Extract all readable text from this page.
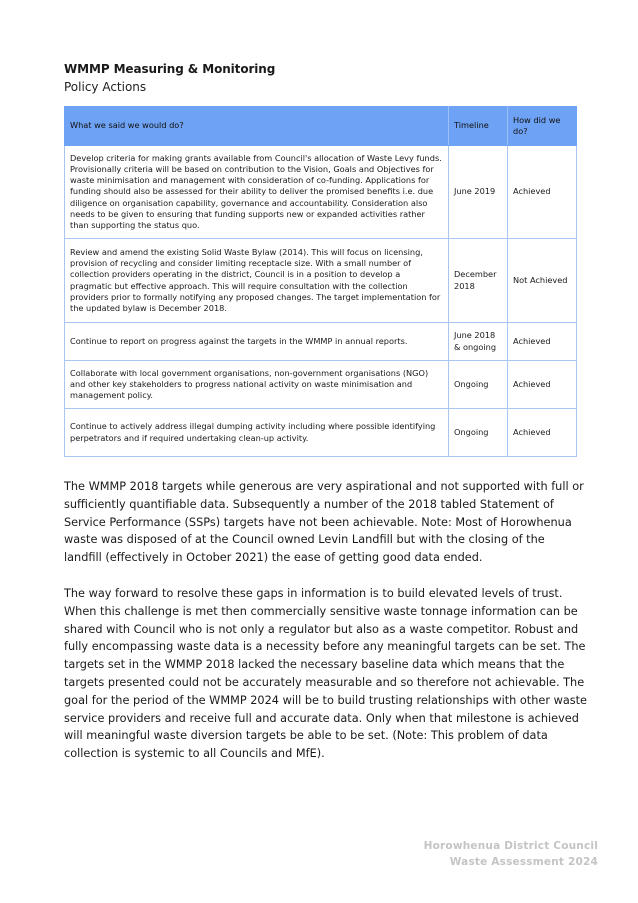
WMMP Measuring & Monitoring
Policy Actions
What we said we would do?	Timeline	How did we do?
Develop criteria for making grants available from Council's allocation of Waste Levy funds. Provisionally criteria will be based on contribution to the Vision, Goals and Objectives for waste minimisation and management with consideration of co-funding. Applications for funding should also be assessed for their ability to deliver the promised benefits i.e. due diligence on organisation capability, governance and accountability. Consideration also needs to be given to ensuring that funding supports new or expanded activities rather than supporting the status quo.	June 2019	Achieved
Review and amend the existing Solid Waste Bylaw (2014). This will focus on licensing, provision of recycling and consider limiting receptacle size. With a small number of collection providers operating in the district, Council is in a position to develop a pragmatic but effective approach. This will require consultation with the collection providers prior to formally notifying any proposed changes. The target implementation for the updated bylaw is December 2018.	December 2018	Not Achieved
Continue to report on progress against the targets in the WMMP in annual reports.	June 2018 & ongoing	Achieved
Collaborate with local government organisations, non-government organisations (NGO) and other key stakeholders to progress national activity on waste minimisation and management policy.	Ongoing	Achieved
Continue to actively address illegal dumping activity including where possible identifying perpetrators and if required undertaking clean-up activity.	Ongoing	Achieved

The WMMP 2018 targets while generous are very aspirational and not supported with full or sufficiently quantifiable data. Subsequently a number of the 2018 tabled Statement of Service Performance (SSPs) targets have not been achievable. Note: Most of Horowhenua waste was disposed of at the Council owned Levin Landfill but with the closing of the landfill (effectively in October 2021) the ease of getting good data ended.

The way forward to resolve these gaps in information is to build elevated levels of trust. When this challenge is met then commercially sensitive waste tonnage information can be shared with Council who is not only a regulator but also as a waste competitor. Robust and fully encompassing waste data is a necessity before any meaningful targets can be set. The targets set in the WMMP 2018 lacked the necessary baseline data which means that the targets presented could not be accurately measurable and so therefore not achievable. The goal for the period of the WMMP 2024 will be to build trusting relationships with other waste service providers and receive full and accurate data. Only when that milestone is achieved will meaningful waste diversion targets be able to be set. (Note: This problem of data collection is systemic to all Councils and MfE).

Horowhenua District Council
Waste Assessment 2024
